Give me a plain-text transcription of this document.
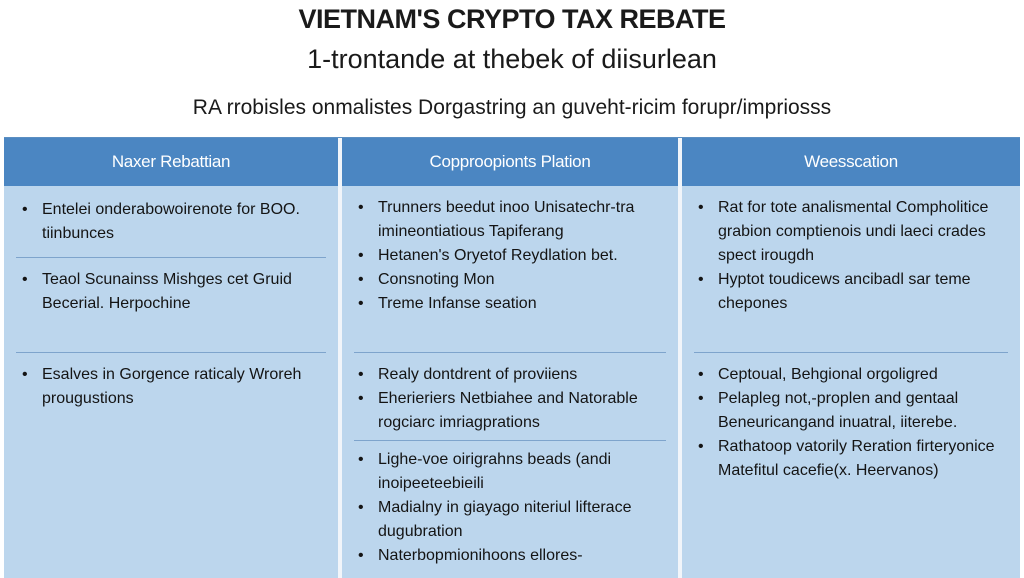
VIETNAM'S CRYPTO TAX REBATE
1-trontande at thebek of diisurlean
RA rrobisles onmalistes Dorgastring an guveht-ricim forupr/impriosss
Naxer Rebattian	Copproopionts Plation	Weesscation
• Entelei onderabowoirenote for BOO. tiinbunces
• Teaol Scunainss Mishges cet Gruid Becerial. Herpochine
• Esalves in Gorgence raticaly Wroreh prougustions
• Trunners beedut inoo Unisatechr-tra imineontiatious Tapiferang
• Hetanen's Oryetof Reydlation bet.
• Consnoting Mon
• Treme Infanse seation
• Realy dontdrent of proviiens
• Eherieriers Netbiahee and Natorable rogciarc imriagprations
• Lighe-voe oirigrahns beads (andi inoipeeteebieili
• Madialny in giayago niteriul lifterace dugubration
• Naterbopmionihoons ellores-
• Rat for tote analismental Compholitice grabion comptienois undi laeci crades spect irougdh
• Hyptot toudicews ancibadl sar teme chepones
• Ceptoual, Behgional orgoligred
• Pelapleg not,-proplen and gentaal Beneuricangand inuatral, iiterebe.
• Rathatoop vatorily Reration firteryonice Matefitul cacefie(x. Heervanos)
